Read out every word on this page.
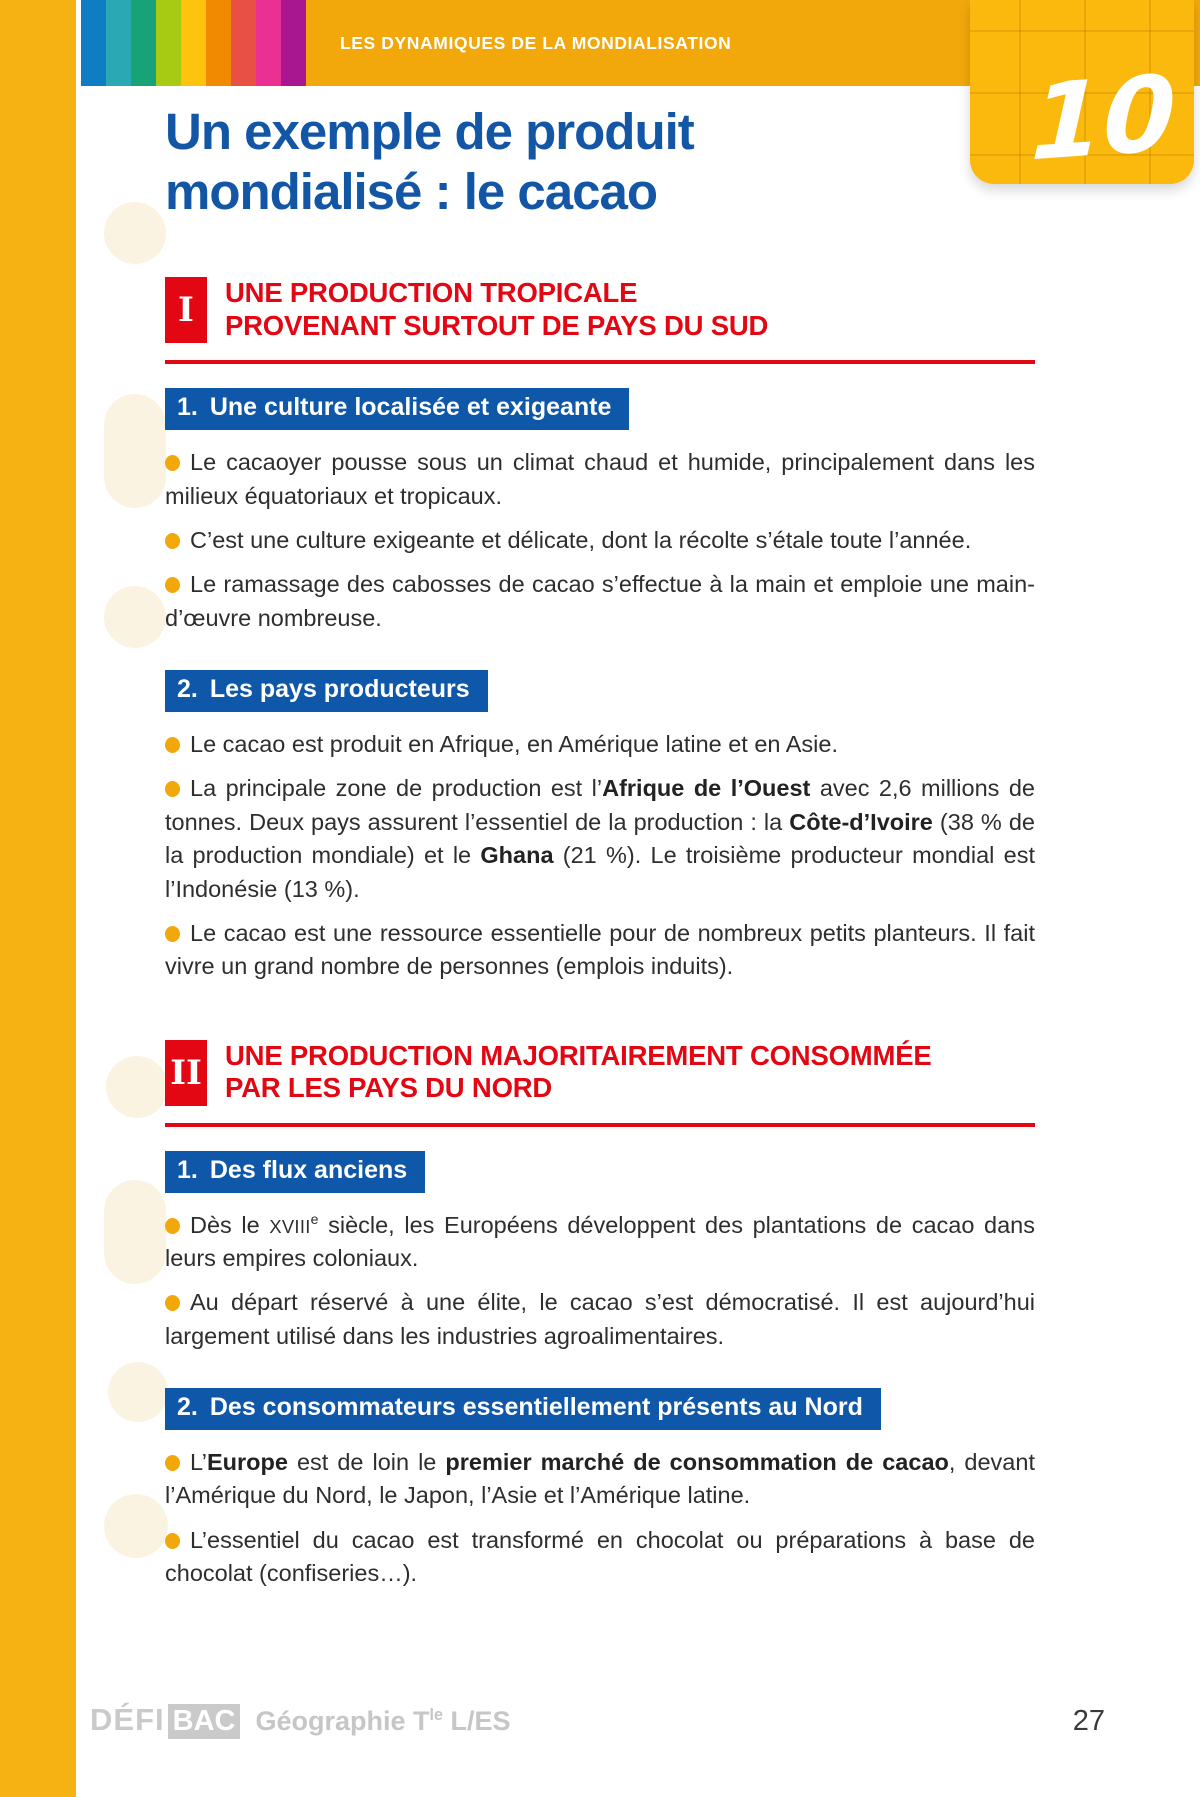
LES DYNAMIQUES DE LA MONDIALISATION
10
Un exemple de produit
mondialisé : le cacao
I	UNE PRODUCTION TROPICALE
PROVENANT SURTOUT DE PAYS DU SUD
1. Une culture localisée et exigeante

Le cacaoyer pousse sous un climat chaud et humide, principalement dans les milieux équatoriaux et tropicaux.

C’est une culture exigeante et délicate, dont la récolte s’étale toute l’année.

Le ramassage des cabosses de cacao s’effectue à la main et emploie une main-d’œuvre nombreuse.

2. Les pays producteurs

Le cacao est produit en Afrique, en Amérique latine et en Asie.

La principale zone de production est l’Afrique de l’Ouest avec 2,6 millions de tonnes. Deux pays assurent l’essentiel de la production : la Côte-d’Ivoire (38 % de la production mondiale) et le Ghana (21 %). Le troisième producteur mondial est l’Indonésie (13 %).

Le cacao est une ressource essentielle pour de nombreux petits planteurs. Il fait vivre un grand nombre de personnes (emplois induits).

II UNE PRODUCTION MAJORITAIREMENT CONSOMMÉE
PAR LES PAYS DU NORD
1. Des flux anciens

Dès le XVIIIe siècle, les Européens développent des plantations de cacao dans leurs empires coloniaux.

Au départ réservé à une élite, le cacao s’est démocratisé. Il est aujourd’hui largement utilisé dans les industries agroalimentaires.

2. Des consommateurs essentiellement présents au Nord

L’Europe est de loin le premier marché de consommation de cacao, devant l’Amérique du Nord, le Japon, l’Asie et l’Amérique latine.

L’essentiel du cacao est transformé en chocolat ou préparations à base de chocolat (confiseries…).

DÉFI BAC Géographie $T^{le}$ L/ES	27
